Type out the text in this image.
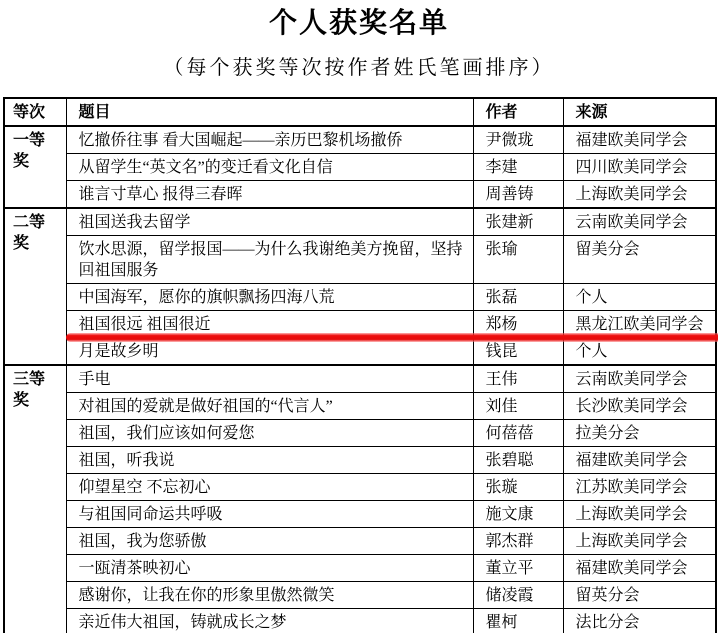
个人获奖名单
（每个获奖等次按作者姓氏笔画排序）
等次	题目	作者	来源
一等奖	忆撤侨往事 看大国崛起——亲历巴黎机场撤侨	尹微珑	福建欧美同学会
	从留学生“英文名”的变迁看文化自信	李建	四川欧美同学会
	谁言寸草心 报得三春晖	周善铸	上海欧美同学会
二等奖	祖国送我去留学	张建新	云南欧美同学会
	饮水思源，留学报国——为什么我谢绝美方挽留，坚持回祖国服务	张瑜	留美分会
	中国海军，愿你的旗帜飘扬四海八荒	张磊	个人
	祖国很远 祖国很近	郑杨	黑龙江欧美同学会
	月是故乡明	钱昆	个人
三等奖	手电	王伟	云南欧美同学会
	对祖国的爱就是做好祖国的“代言人”	刘佳	长沙欧美同学会
	祖国，我们应该如何爱您	何蓓蓓	拉美分会
	祖国，听我说	张碧聪	福建欧美同学会
	仰望星空 不忘初心	张璇	江苏欧美同学会
	与祖国同命运共呼吸	施文康	上海欧美同学会
	祖国，我为您骄傲	郭杰群	上海欧美同学会
	一瓯清茶映初心	董立平	福建欧美同学会
	感谢你，让我在你的形象里傲然微笑	储凌霞	留英分会
	亲近伟大祖国，铸就成长之梦	瞿柯	法比分会
